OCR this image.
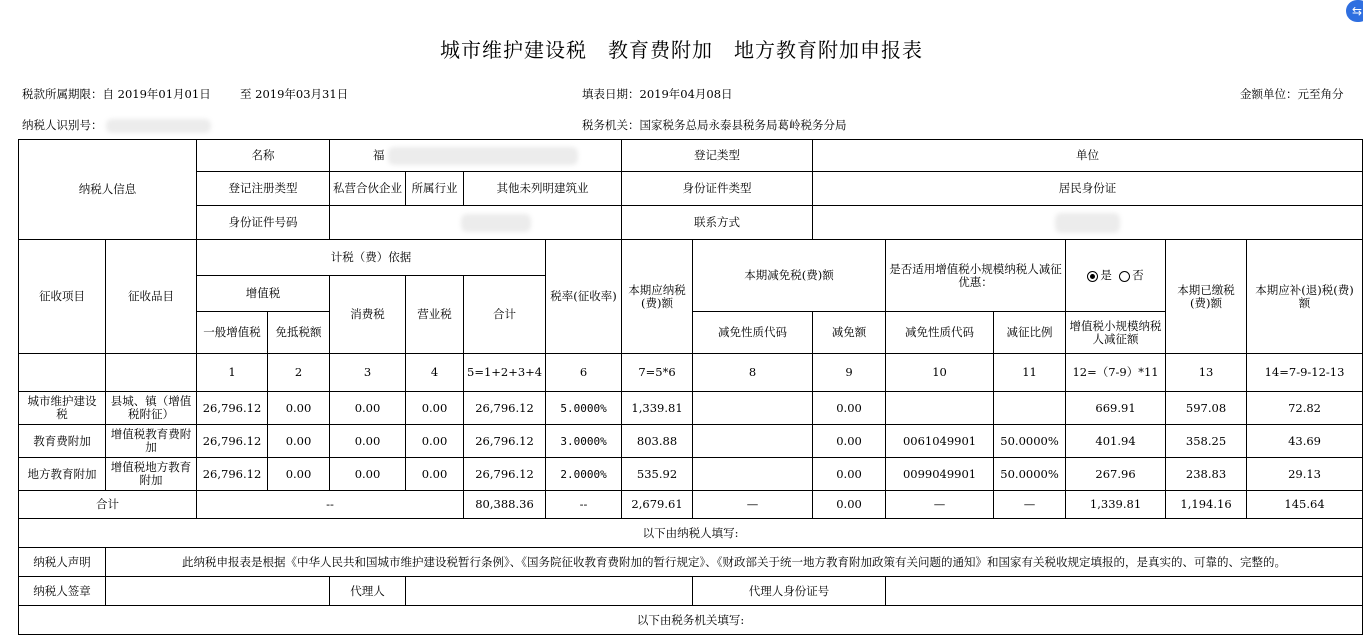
城市维护建设税　教育费附加　地方教育附加申报表
⇆
税款所属期限：自 2019年01月01日	至 2019年03月31日	填表日期：2019年04月08日	金额单位：元至角分
纳税人识别号：	税务机关：国家税务总局永泰县税务局葛岭税务分局
纳税人信息		名称		福				登记类型		单位					
		登记注册类型		私营合伙企业	所属行业	其他未列明建筑业		身份证件类型		居民身份证					
		身份证件号码						联系方式							
征收项目	征收品目	计税（费）依据					税率(征收率)	本期应纳税(费)额	本期减免税(费)额		是否适用增值税小规模纳税人减征优惠：		是 否	本期已缴税(费)额	本期应补(退)税(费)额
		增值税		消费税	营业税	合计									
		一般增值税	免抵税额						减免性质代码	减免额	减免性质代码	减征比例	增值税小规模纳税人减征额		
		1	2	3	4	5=1+2+3+4	6	7=5*6	8	9	10	11	12=（7-9）*11	13	14=7-9-12-13
城市维护建设税	县城、镇（增值税附征）	26,796.12	0.00	0.00	0.00	26,796.12	5.0000%	1,339.81		0.00			669.91	597.08	72.82
教育费附加	增值税教育费附加	26,796.12	0.00	0.00	0.00	26,796.12	3.0000%	803.88		0.00	0061049901	50.0000%	401.94	358.25	43.69
地方教育附加	增值税地方教育附加	26,796.12	0.00	0.00	0.00	26,796.12	2.0000%	535.92		0.00	0099049901	50.0000%	267.96	238.83	29.13
合计		--				80,388.36	--	2,679.61	—	0.00	—	—	1,339.81	1,194.16	145.64
以下由纳税人填写:															
纳税人声明	此纳税申报表是根据《中华人民共和国城市维护建设税暂行条例》、《国务院征收教育费附加的暂行规定》、《财政部关于统一地方教育附加政策有关问题的通知》和国家有关税收规定填报的，是真实的、可靠的、完整的。														
纳税人签章				代理人					代理人身份证号						
以下由税务机关填写:															
